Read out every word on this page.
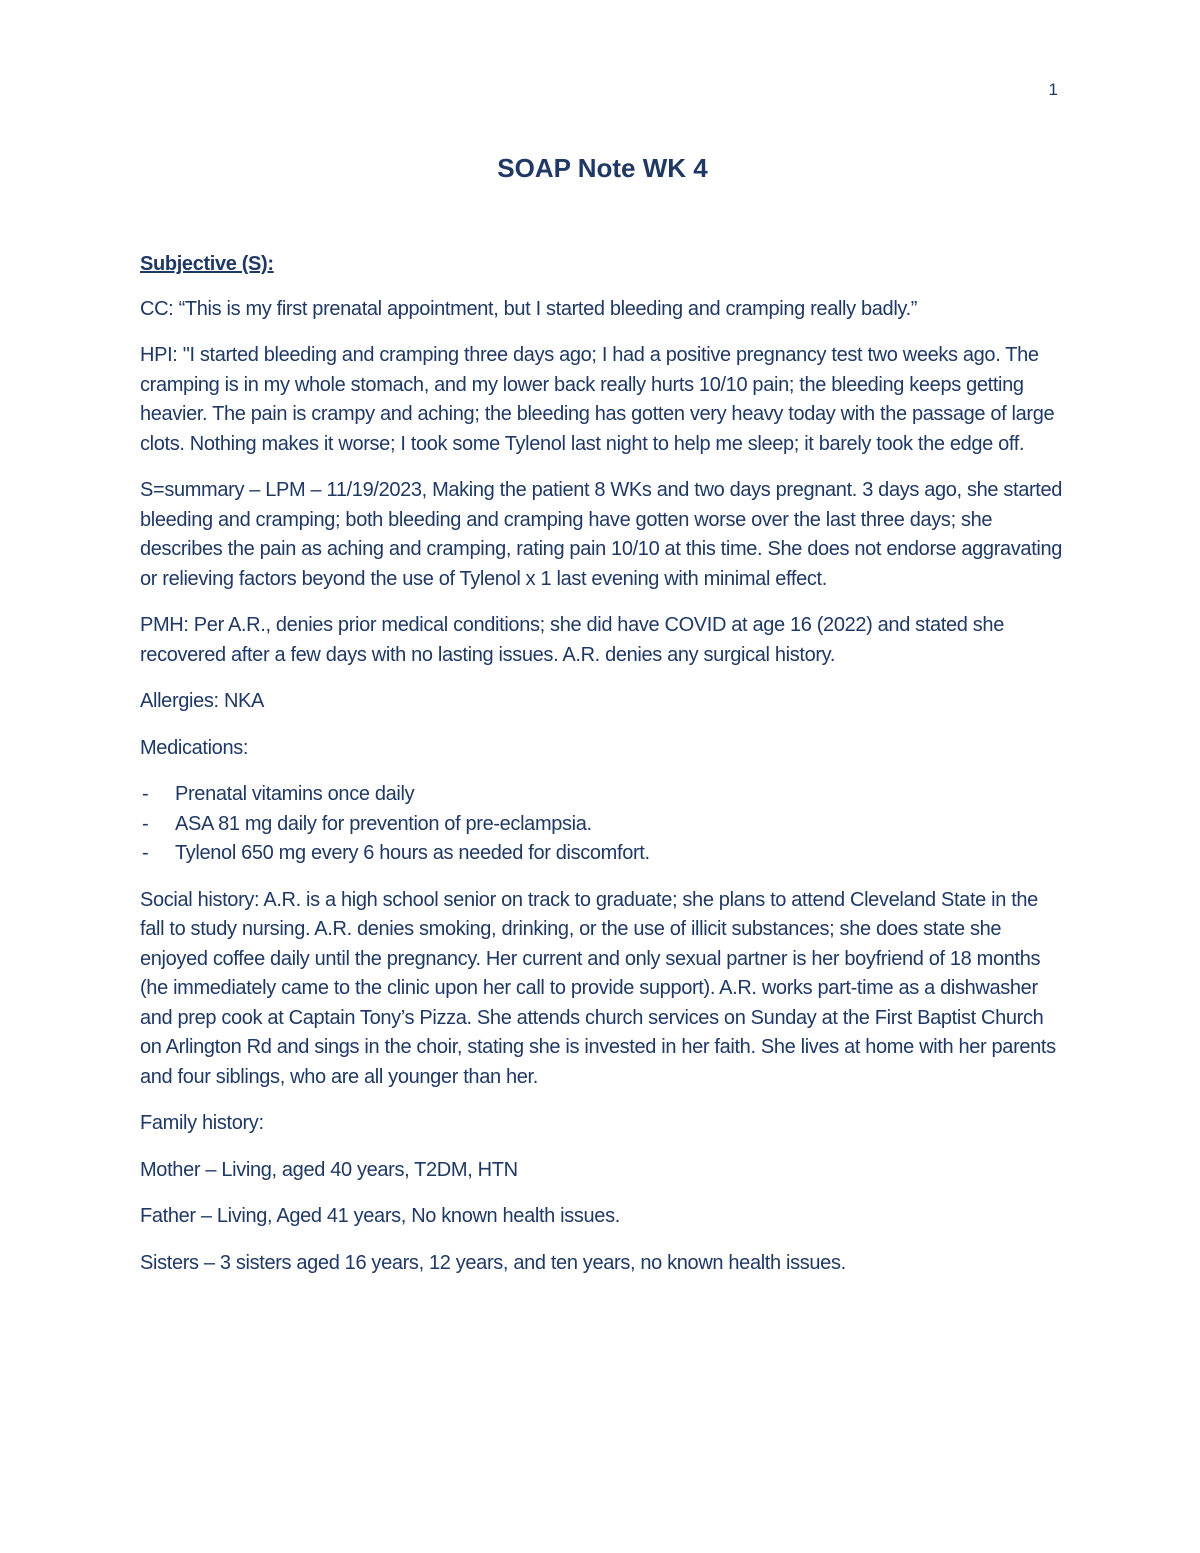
1
SOAP Note WK 4
Subjective (S):

CC: “This is my first prenatal appointment, but I started bleeding and cramping really badly.”

HPI: "I started bleeding and cramping three days ago; I had a positive pregnancy test two weeks ago. The cramping is in my whole stomach, and my lower back really hurts 10/10 pain; the bleeding keeps getting heavier. The pain is crampy and aching; the bleeding has gotten very heavy today with the passage of large clots. Nothing makes it worse; I took some Tylenol last night to help me sleep; it barely took the edge off.

S=summary – LPM – 11/19/2023, Making the patient 8 WKs and two days pregnant. 3 days ago, she started bleeding and cramping; both bleeding and cramping have gotten worse over the last three days; she describes the pain as aching and cramping, rating pain 10/10 at this time. She does not endorse aggravating or relieving factors beyond the use of Tylenol x 1 last evening with minimal effect.

PMH: Per A.R., denies prior medical conditions; she did have COVID at age 16 (2022) and stated she recovered after a few days with no lasting issues. A.R. denies any surgical history.

Allergies: NKA

Medications:

- Prenatal vitamins once daily
- ASA 81 mg daily for prevention of pre-eclampsia.
- Tylenol 650 mg every 6 hours as needed for discomfort.

Social history: A.R. is a high school senior on track to graduate; she plans to attend Cleveland State in the fall to study nursing. A.R. denies smoking, drinking, or the use of illicit substances; she does state she enjoyed coffee daily until the pregnancy. Her current and only sexual partner is her boyfriend of 18 months (he immediately came to the clinic upon her call to provide support). A.R. works part-time as a dishwasher and prep cook at Captain Tony’s Pizza. She attends church services on Sunday at the First Baptist Church on Arlington Rd and sings in the choir, stating she is invested in her faith. She lives at home with her parents and four siblings, who are all younger than her.

Family history:

Mother – Living, aged 40 years, T2DM, HTN

Father – Living, Aged 41 years, No known health issues.

Sisters – 3 sisters aged 16 years, 12 years, and ten years, no known health issues.
